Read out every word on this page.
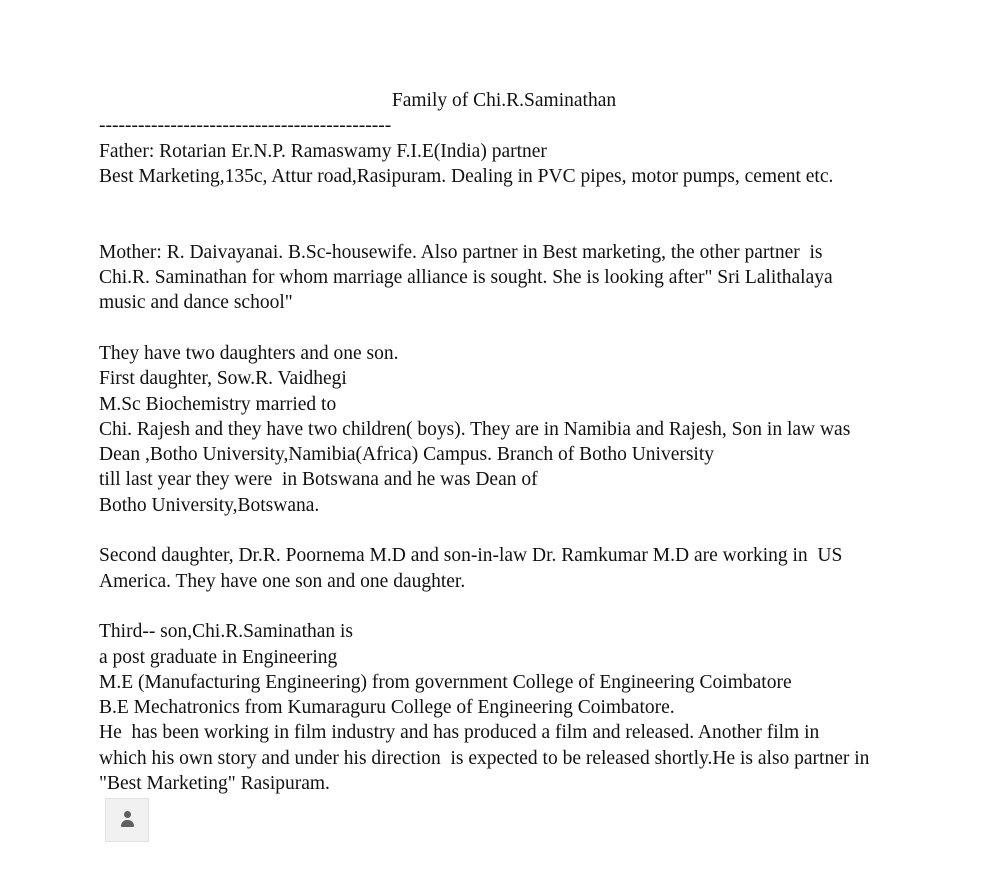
Family of Chi.R.Saminathan

---------------------------------------------

Father: Rotarian Er.N.P. Ramaswamy F.I.E(India) partner

Best Marketing,135c, Attur road,Rasipuram. Dealing in PVC pipes, motor pumps, cement etc.

Mother: R. Daivayanai. B.Sc-housewife. Also partner in Best marketing, the other partner  is

Chi.R. Saminathan for whom marriage alliance is sought. She is looking after" Sri Lalithalaya

music and dance school"

They have two daughters and one son.

First daughter, Sow.R. Vaidhegi

M.Sc Biochemistry married to

Chi. Rajesh and they have two children( boys). They are in Namibia and Rajesh, Son in law was

Dean ,Botho University,Namibia(Africa) Campus. Branch of Botho University

till last year they were  in Botswana and he was Dean of

Botho University,Botswana.

Second daughter, Dr.R. Poornema M.D and son-in-law Dr. Ramkumar M.D are working in  US

America. They have one son and one daughter.

Third-- son,Chi.R.Saminathan is

a post graduate in Engineering

M.E (Manufacturing Engineering) from government College of Engineering Coimbatore

B.E Mechatronics from Kumaraguru College of Engineering Coimbatore.

He  has been working in film industry and has produced a film and released. Another film in

which his own story and under his direction  is expected to be released shortly.He is also partner in

"Best Marketing" Rasipuram.
